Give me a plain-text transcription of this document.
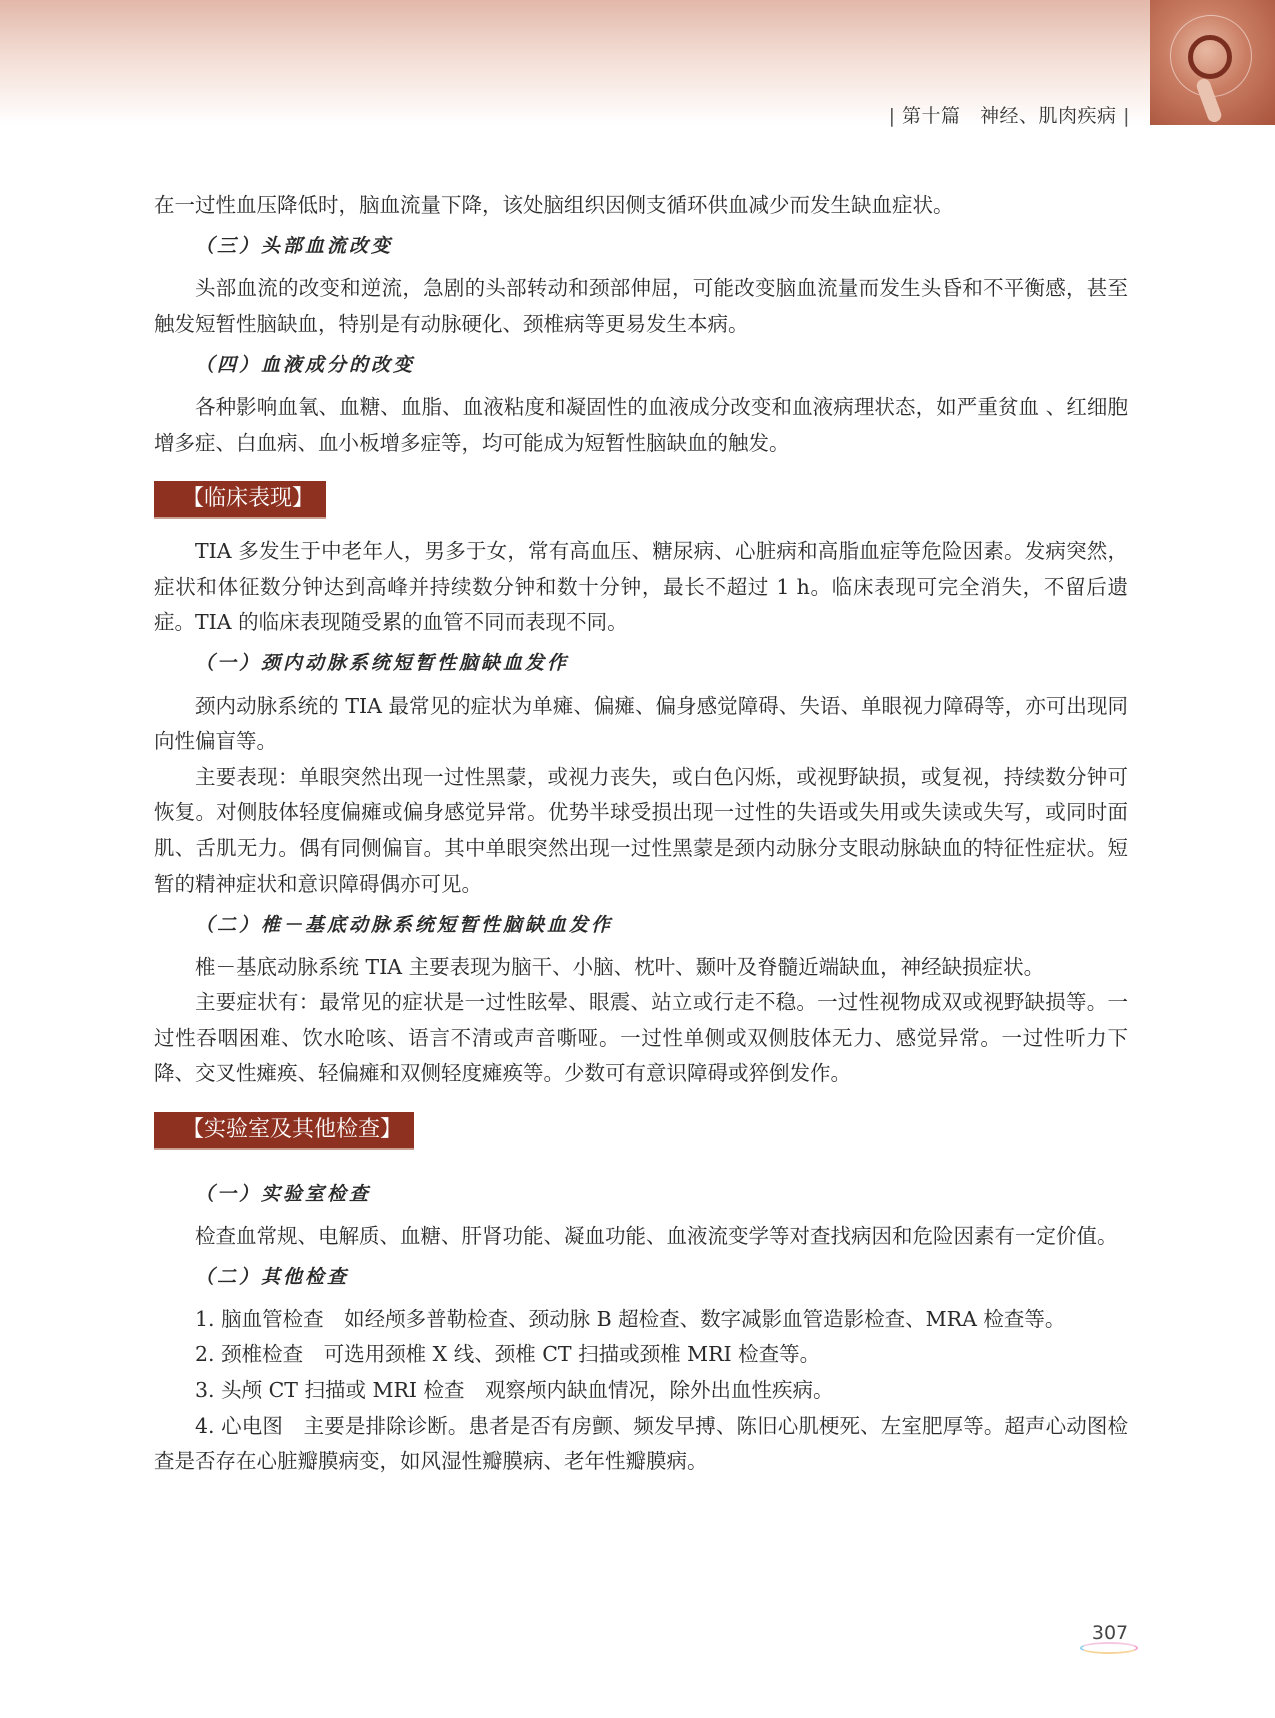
| 第十篇　神经、肌肉疾病 |

在一过性血压降低时，脑血流量下降，该处脑组织因侧支循环供血减少而发生缺血症状。

（三）头部血流改变

头部血流的改变和逆流，急剧的头部转动和颈部伸屈，可能改变脑血流量而发生头昏和不平衡感，甚至触发短暂性脑缺血，特别是有动脉硬化、颈椎病等更易发生本病。

（四）血液成分的改变

各种影响血氧、血糖、血脂、血液粘度和凝固性的血液成分改变和血液病理状态，如严重贫血 、红细胞增多症、白血病、血小板增多症等，均可能成为短暂性脑缺血的触发。

【临床表现】

TIA 多发生于中老年人，男多于女，常有高血压、糖尿病、心脏病和高脂血症等危险因素。发病突然，症状和体征数分钟达到高峰并持续数分钟和数十分钟，最长不超过 1 h。临床表现可完全消失，不留后遗症。TIA 的临床表现随受累的血管不同而表现不同。

（一）颈内动脉系统短暂性脑缺血发作

颈内动脉系统的 TIA 最常见的症状为单瘫、偏瘫、偏身感觉障碍、失语、单眼视力障碍等，亦可出现同向性偏盲等。

主要表现：单眼突然出现一过性黑蒙，或视力丧失，或白色闪烁，或视野缺损，或复视，持续数分钟可恢复。对侧肢体轻度偏瘫或偏身感觉异常。优势半球受损出现一过性的失语或失用或失读或失写，或同时面肌、舌肌无力。偶有同侧偏盲。其中单眼突然出现一过性黑蒙是颈内动脉分支眼动脉缺血的特征性症状。短暂的精神症状和意识障碍偶亦可见。

（二）椎－基底动脉系统短暂性脑缺血发作

椎－基底动脉系统 TIA 主要表现为脑干、小脑、枕叶、颞叶及脊髓近端缺血，神经缺损症状。

主要症状有：最常见的症状是一过性眩晕、眼震、站立或行走不稳。一过性视物成双或视野缺损等。一过性吞咽困难、饮水呛咳、语言不清或声音嘶哑。一过性单侧或双侧肢体无力、感觉异常。一过性听力下降、交叉性瘫痪、轻偏瘫和双侧轻度瘫痪等。少数可有意识障碍或猝倒发作。

【实验室及其他检查】
（一）实验室检查

检查血常规、电解质、血糖、肝肾功能、凝血功能、血液流变学等对查找病因和危险因素有一定价值。

（二）其他检查

1. 脑血管检查　如经颅多普勒检查、颈动脉 B 超检查、数字减影血管造影检查、MRA 检查等。

2. 颈椎检查　可选用颈椎 X 线、颈椎 CT 扫描或颈椎 MRI 检查等。

3. 头颅 CT 扫描或 MRI 检查　观察颅内缺血情况，除外出血性疾病。

4. 心电图　主要是排除诊断。患者是否有房颤、频发早搏、陈旧心肌梗死、左室肥厚等。超声心动图检查是否存在心脏瓣膜病变，如风湿性瓣膜病、老年性瓣膜病。

307
